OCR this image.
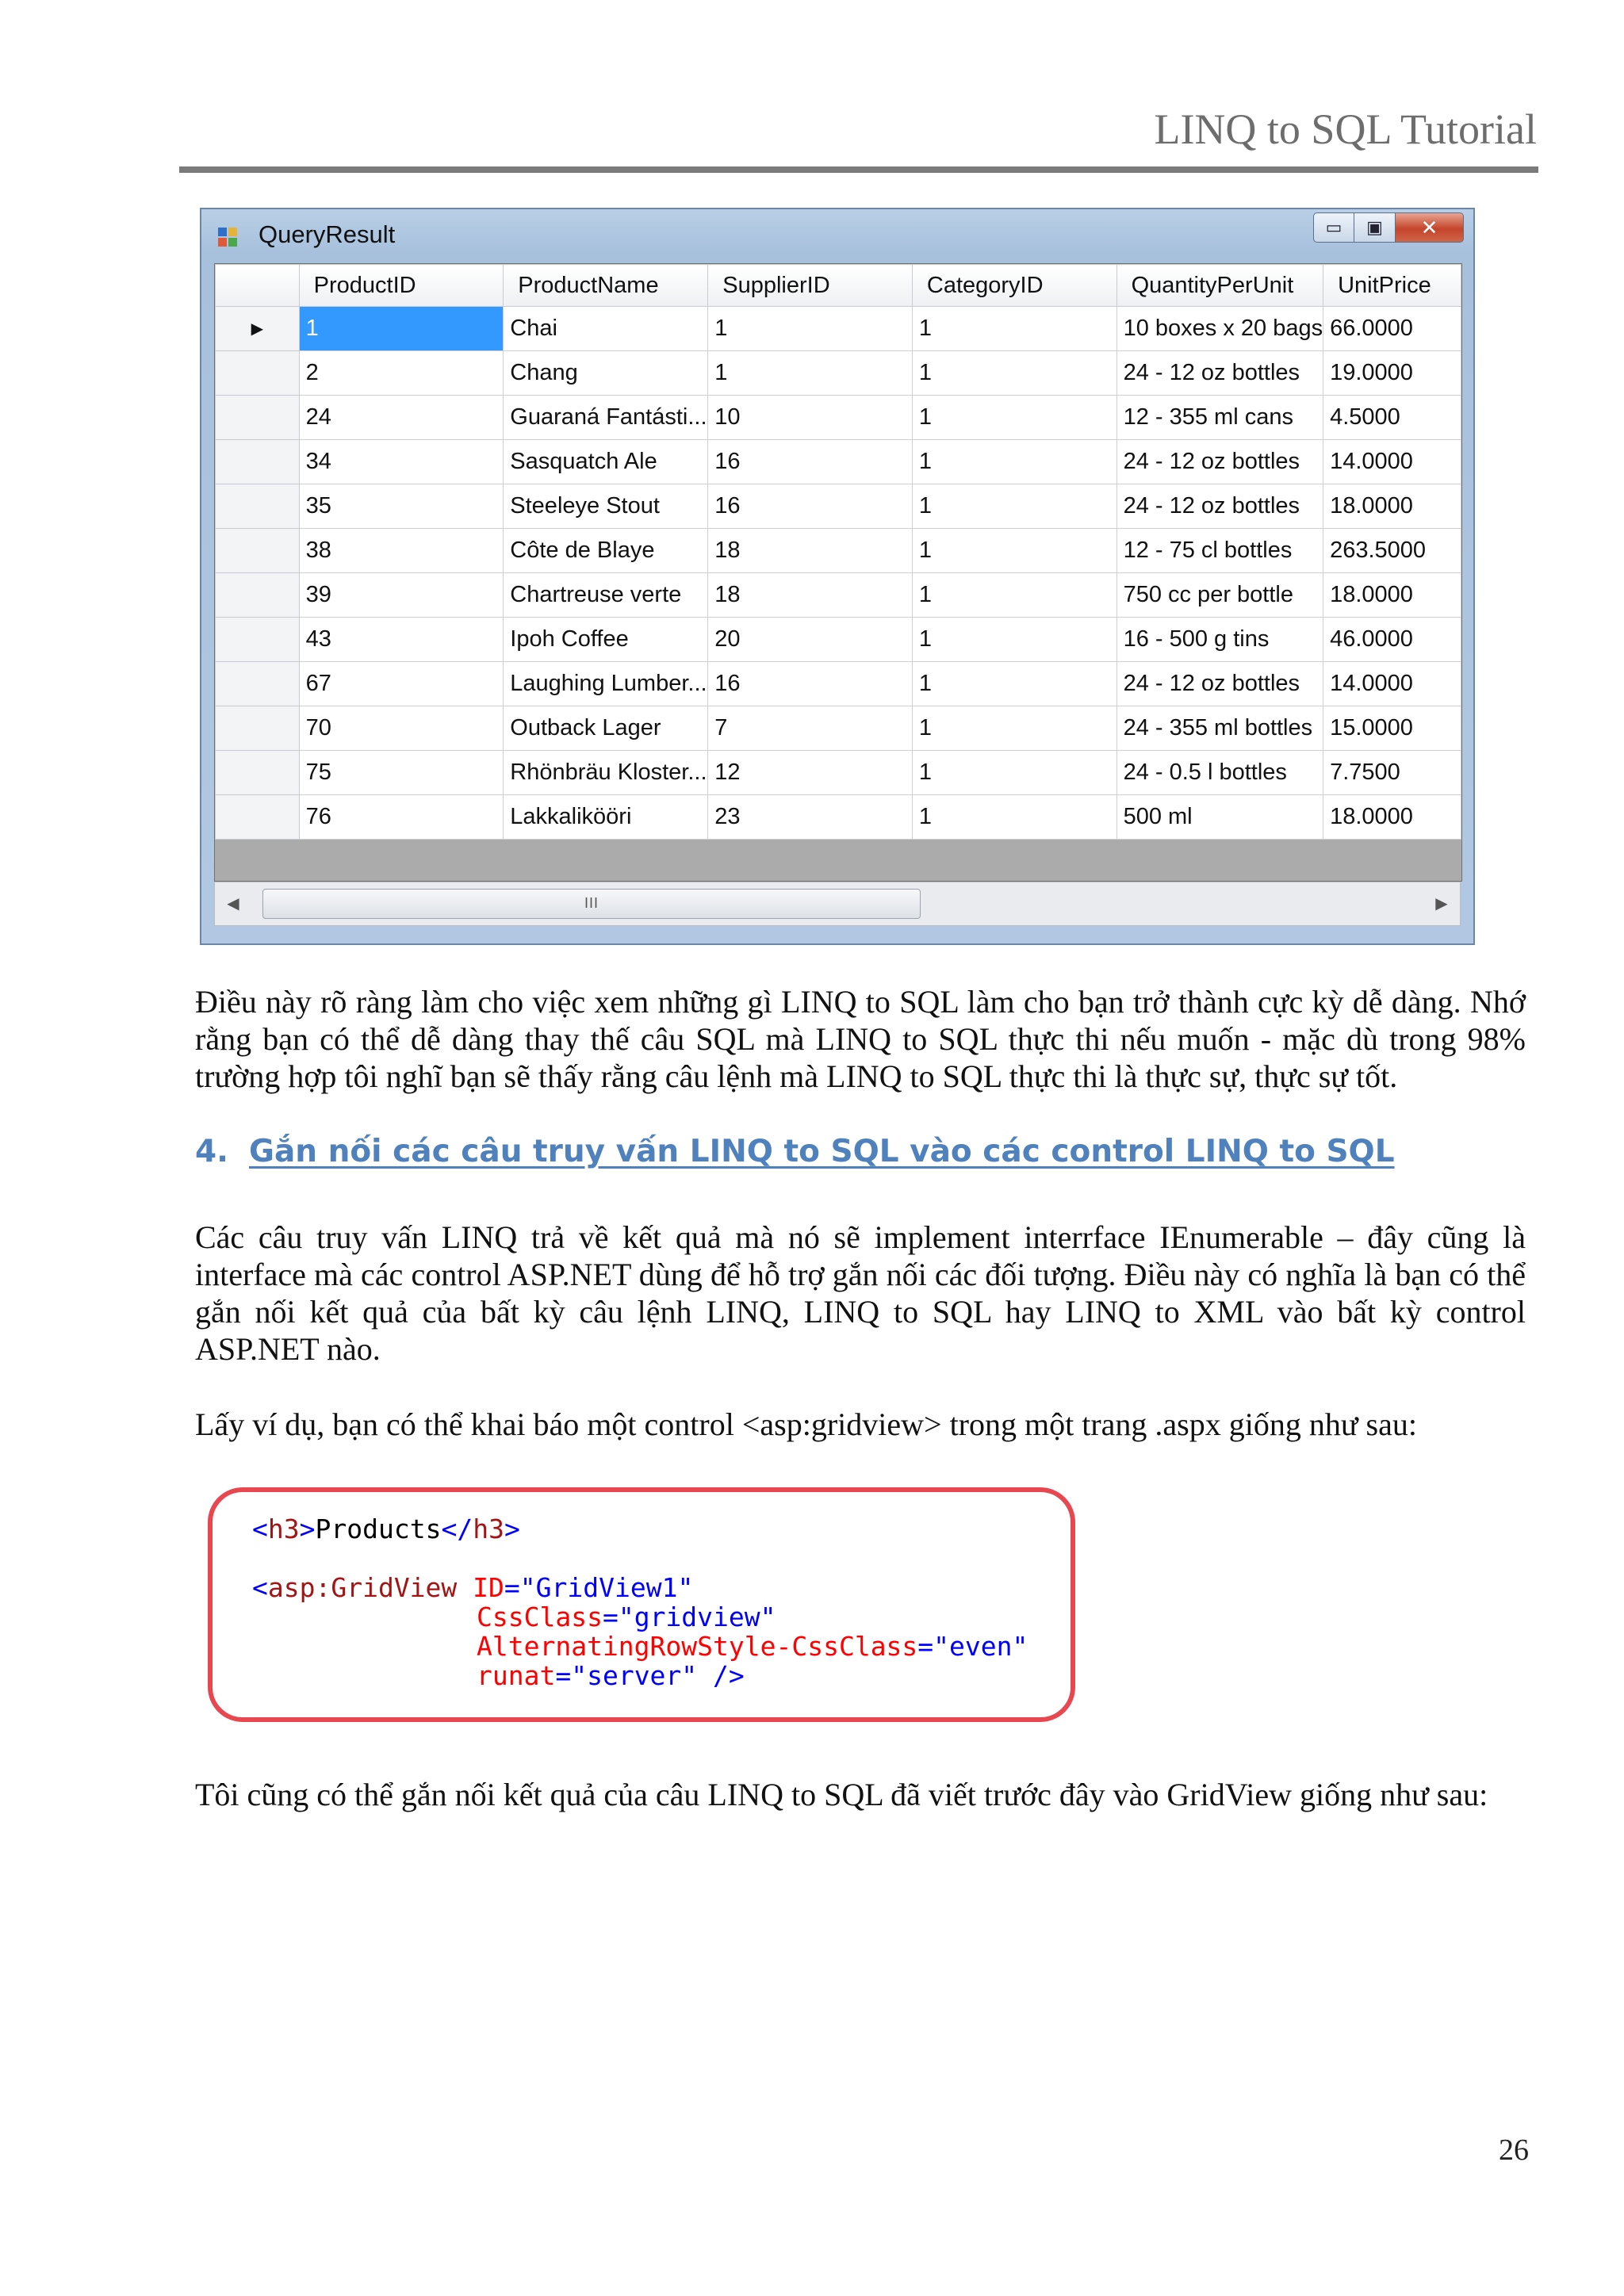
LINQ to SQL Tutorial
QueryResult	▭	▣	✕
	ProductID	ProductName	SupplierID	CategoryID	QuantityPerUnit	UnitPrice
▶	1	Chai	1	1	10 boxes x 20 bags	66.0000
	2	Chang	1	1	24 - 12 oz bottles	19.0000
	24	Guaraná Fantásti...	10	1	12 - 355 ml cans	4.5000
	34	Sasquatch Ale	16	1	24 - 12 oz bottles	14.0000
	35	Steeleye Stout	16	1	24 - 12 oz bottles	18.0000
	38	Côte de Blaye	18	1	12 - 75 cl bottles	263.5000
	39	Chartreuse verte	18	1	750 cc per bottle	18.0000
	43	Ipoh Coffee	20	1	16 - 500 g tins	46.0000
	67	Laughing Lumber...	16	1	24 - 12 oz bottles	14.0000
	70	Outback Lager	7	1	24 - 355 ml bottles	15.0000
	75	Rhönbräu Kloster...	12	1	24 - 0.5 l bottles	7.7500
	76	Lakkalikööri	23	1	500 ml	18.0000
◀	III	▶

Điều này rõ ràng làm cho việc xem những gì LINQ to SQL làm cho bạn trở thành cực kỳ dễ dàng. Nhớ rằng bạn có thể dễ dàng thay thế câu SQL mà LINQ to SQL thực thi nếu muốn - mặc dù trong 98% trường hợp tôi nghĩ bạn sẽ thấy rằng câu lệnh mà LINQ to SQL thực thi là thực sự, thực sự tốt.

4. Gắn nối các câu truy vấn LINQ to SQL vào các control LINQ to SQL

Các câu truy vấn LINQ trả về kết quả mà nó sẽ implement interrface IEnumerable – đây cũng là interface mà các control ASP.NET dùng để hỗ trợ gắn nối các đối tượng. Điều này có nghĩa là bạn có thể gắn nối kết quả của bất kỳ câu lệnh LINQ, LINQ to SQL hay LINQ to XML vào bất kỳ control ASP.NET nào.

Lấy ví dụ, bạn có thể khai báo một control <asp:gridview> trong một trang .aspx giống như sau:

<h3>Products</h3>
<asp:GridView ID="GridView1"
CssClass="gridview"
AlternatingRowStyle-CssClass="even"
runat="server" />

Tôi cũng có thể gắn nối kết quả của câu LINQ to SQL đã viết trước đây vào GridView giống như sau:

26
